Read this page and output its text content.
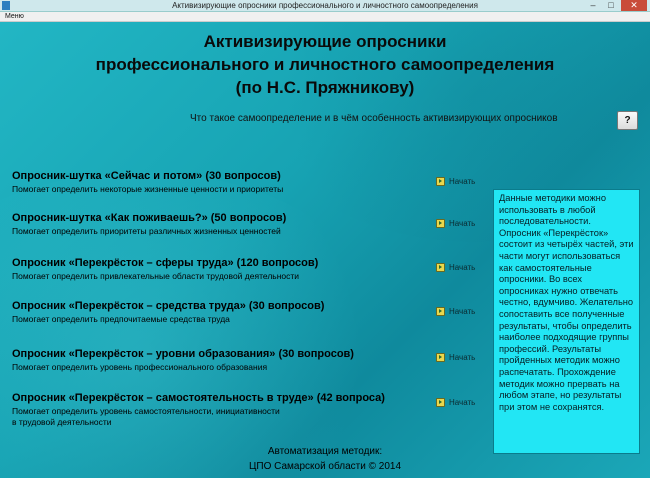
Активизирующие опросники профессионального и личностного самоопределения	–	□	✕
Меню
Активизирующие опросники
профессионального и личностного самоопределения
(по Н.С. Пряжникову)
Что такое самоопределение и в чём особенность активизирующих опросников	?
Опросник-шутка «Сейчас и потом» (30 вопросов)
Помогает определить некоторые жизненные ценности и приоритеты
Начать
Опросник-шутка «Как поживаешь?» (50 вопросов)
Помогает определить приоритеты различных жизненных ценностей
Начать
Опросник «Перекрёсток – сферы труда» (120 вопросов)
Помогает определить привлекательные области трудовой деятельности
Начать
Опросник «Перекрёсток – средства труда» (30 вопросов)
Помогает определить предпочитаемые средства труда
Начать
Опросник «Перекрёсток – уровни образования» (30 вопросов)
Помогает определить уровень профессионального образования
Начать
Опросник «Перекрёсток – самостоятельность в труде» (42 вопроса)
Помогает определить уровень самостоятельности, инициативности
в трудовой деятельности
Начать
Данные методики можно использовать в любой последовательности. Опросник «Перекрёсток» состоит из четырёх частей, эти части могут использоваться как самостоятельные опросники. Во всех опросниках нужно отвечать честно, вдумчиво. Желательно сопоставить все полученные результаты, чтобы определить наиболее подходящие группы профессий. Результаты пройденных методик можно распечатать. Прохождение методик можно прервать на любом этапе, но результаты при этом не сохранятся.
Автоматизация методик:
ЦПО Самарской области © 2014
